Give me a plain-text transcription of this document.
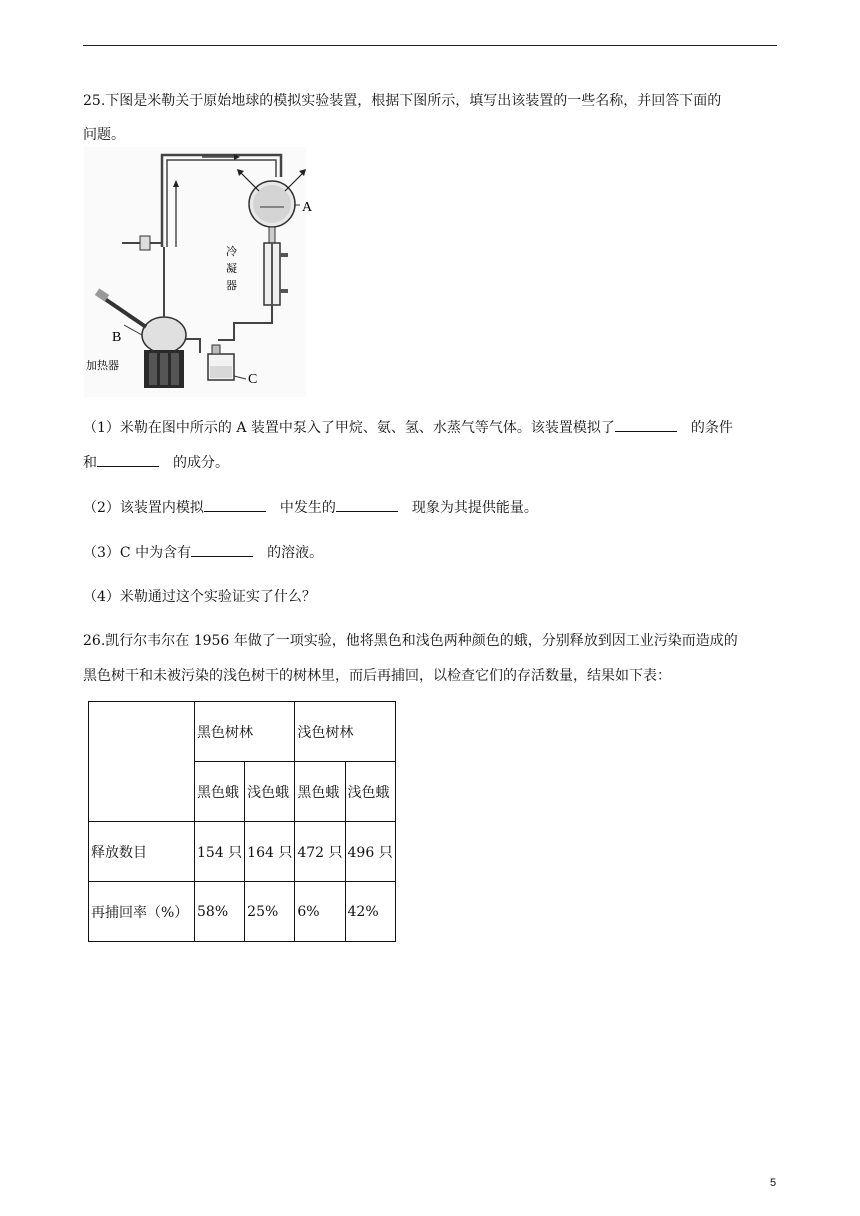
25.下图是米勒关于原始地球的模拟实验装置，根据下图所示，填写出该装置的一些名称，并回答下面的
问题。
A
冷
凝
器
B
C
加热器
（1）米勒在图中所示的 A 装置中泵入了甲烷、氨、氢、水蒸气等气体。该装置模拟了	的条件
和	的成分。
（2）该装置内模拟	中发生的	现象为其提供能量。
（3）C 中为含有	的溶液。
（4）米勒通过这个实验证实了什么？
26.凯行尔韦尔在 1956 年做了一项实验，他将黑色和浅色两种颜色的蛾，分别释放到因工业污染而造成的
黑色树干和未被污染的浅色树干的树林里，而后再捕回，以检查它们的存活数量，结果如下表：
	黑色树林		浅色树林	
	黑色蛾	浅色蛾	黑色蛾	浅色蛾
释放数目	154 只	164 只	472 只	496 只
再捕回率（%）	58%	25%	6%	42%
5
